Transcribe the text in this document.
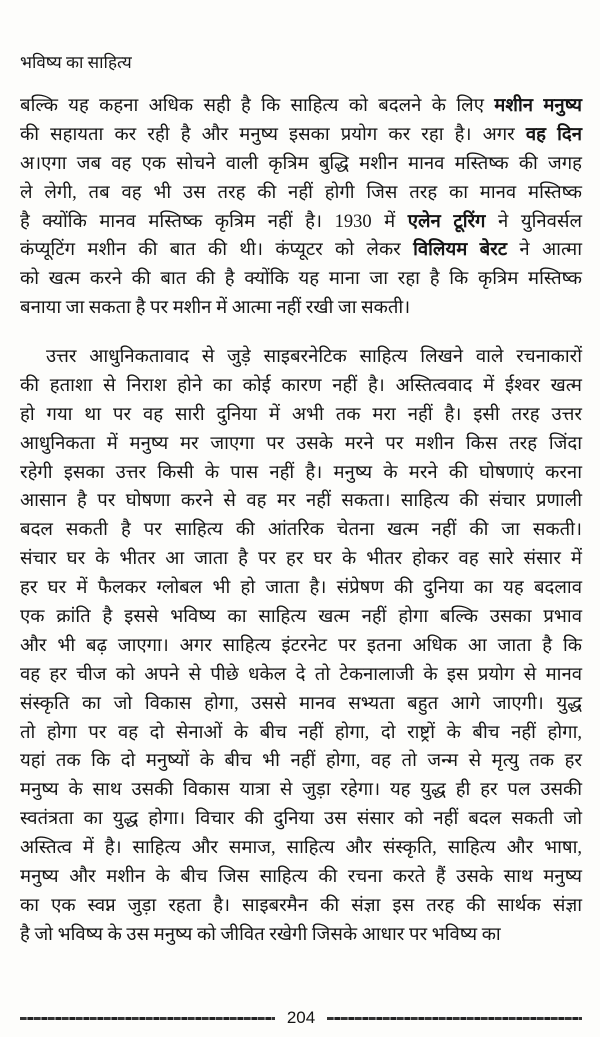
भविष्य का साहित्य
बल्कि यह कहना अधिक सही है कि साहित्य को बदलने के लिए मशीन मनुष्य
की सहायता कर रही है और मनुष्य इसका प्रयोग कर रहा है। अगर वह दिन
अ।एगा जब वह एक सोचने वाली कृत्रिम बुद्धि मशीन मानव मस्तिष्क की जगह
ले लेगी, तब वह भी उस तरह की नहीं होगी जिस तरह का मानव मस्तिष्क
है क्योंकि मानव मस्तिष्क कृत्रिम नहीं है। 1930 में एलेन टूरिंग ने युनिवर्सल
कंप्यूटिंग मशीन की बात की थी। कंप्यूटर को लेकर विलियम बेरट ने आत्मा
को खत्म करने की बात की है क्योंकि यह माना जा रहा है कि कृत्रिम मस्तिष्क
बनाया जा सकता है पर मशीन में आत्मा नहीं रखी जा सकती।
उत्तर आधुनिकतावाद से जुड़े साइबरनेटिक साहित्य लिखने वाले रचनाकारों
की हताशा से निराश होने का कोई कारण नहीं है। अस्तित्ववाद में ईश्वर खत्म
हो गया था पर वह सारी दुनिया में अभी तक मरा नहीं है। इसी तरह उत्तर
आधुनिकता में मनुष्य मर जाएगा पर उसके मरने पर मशीन किस तरह जिंदा
रहेगी इसका उत्तर किसी के पास नहीं है। मनुष्य के मरने की घोषणाएं करना
आसान है पर घोषणा करने से वह मर नहीं सकता। साहित्य की संचार प्रणाली
बदल सकती है पर साहित्य की आंतरिक चेतना खत्म नहीं की जा सकती।
संचार घर के भीतर आ जाता है पर हर घर के भीतर होकर वह सारे संसार में
हर घर में फैलकर ग्लोबल भी हो जाता है। संप्रेषण की दुनिया का यह बदलाव
एक क्रांति है इससे भविष्य का साहित्य खत्म नहीं होगा बल्कि उसका प्रभाव
और भी बढ़ जाएगा। अगर साहित्य इंटरनेट पर इतना अधिक आ जाता है कि
वह हर चीज को अपने से पीछे धकेल दे तो टेकनालाजी के इस प्रयोग से मानव
संस्कृति का जो विकास होगा, उससे मानव सभ्यता बहुत आगे जाएगी। युद्ध
तो होगा पर वह दो सेनाओं के बीच नहीं होगा, दो राष्ट्रों के बीच नहीं होगा,
यहां तक कि दो मनुष्यों के बीच भी नहीं होगा, वह तो जन्म से मृत्यु तक हर
मनुष्य के साथ उसकी विकास यात्रा से जुड़ा रहेगा। यह युद्ध ही हर पल उसकी
स्वतंत्रता का युद्ध होगा। विचार की दुनिया उस संसार को नहीं बदल सकती जो
अस्तित्व में है। साहित्य और समाज, साहित्य और संस्कृति, साहित्य और भाषा,
मनुष्य और मशीन के बीच जिस साहित्य की रचना करते हैं उसके साथ मनुष्य
का एक स्वप्न जुड़ा रहता है। साइबरमैन की संज्ञा इस तरह की सार्थक संज्ञा
है जो भविष्य के उस मनुष्य को जीवित रखेगी जिसके आधार पर भविष्य का
204
